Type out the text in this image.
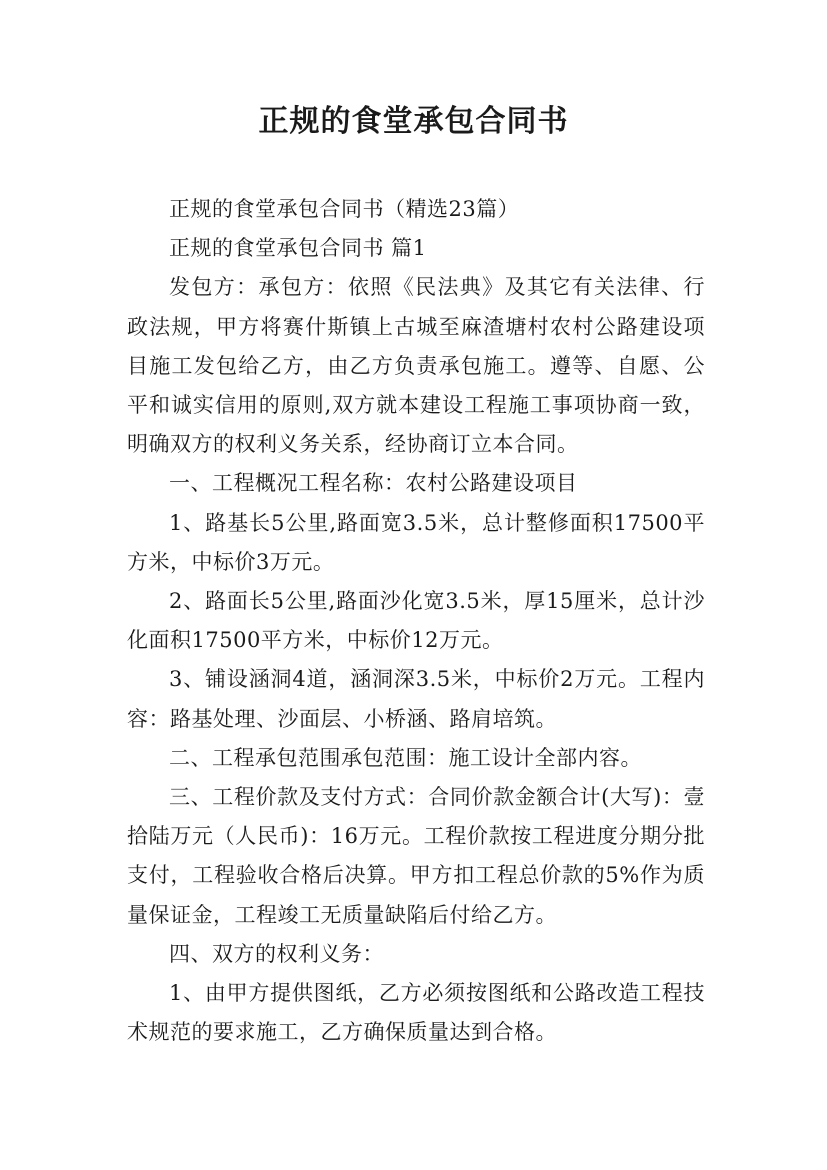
正规的食堂承包合同书

正规的食堂承包合同书（精选23篇）

正规的食堂承包合同书 篇1

发包方：承包方：依照《民法典》及其它有关法律、行政法规，甲方将赛什斯镇上古城至麻渣塘村农村公路建设项目施工发包给乙方，由乙方负责承包施工。遵等、自愿、公平和诚实信用的原则,双方就本建设工程施工事项协商一致，明确双方的权利义务关系，经协商订立本合同。

一、工程概况工程名称：农村公路建设项目

1、路基长5公里,路面宽3.5米，总计整修面积17500平方米，中标价3万元。

2、路面长5公里,路面沙化宽3.5米，厚15厘米，总计沙化面积17500平方米，中标价12万元。

3、铺设涵洞4道，涵洞深3.5米，中标价2万元。工程内容：路基处理、沙面层、小桥涵、路肩培筑。

二、工程承包范围承包范围：施工设计全部内容。

三、工程价款及支付方式：合同价款金额合计(大写)：壹拾陆万元（人民币)：16万元。工程价款按工程进度分期分批支付，工程验收合格后决算。甲方扣工程总价款的5%作为质量保证金，工程竣工无质量缺陷后付给乙方。

四、双方的权利义务：

1、由甲方提供图纸，乙方必须按图纸和公路改造工程技术规范的要求施工，乙方确保质量达到合格。
